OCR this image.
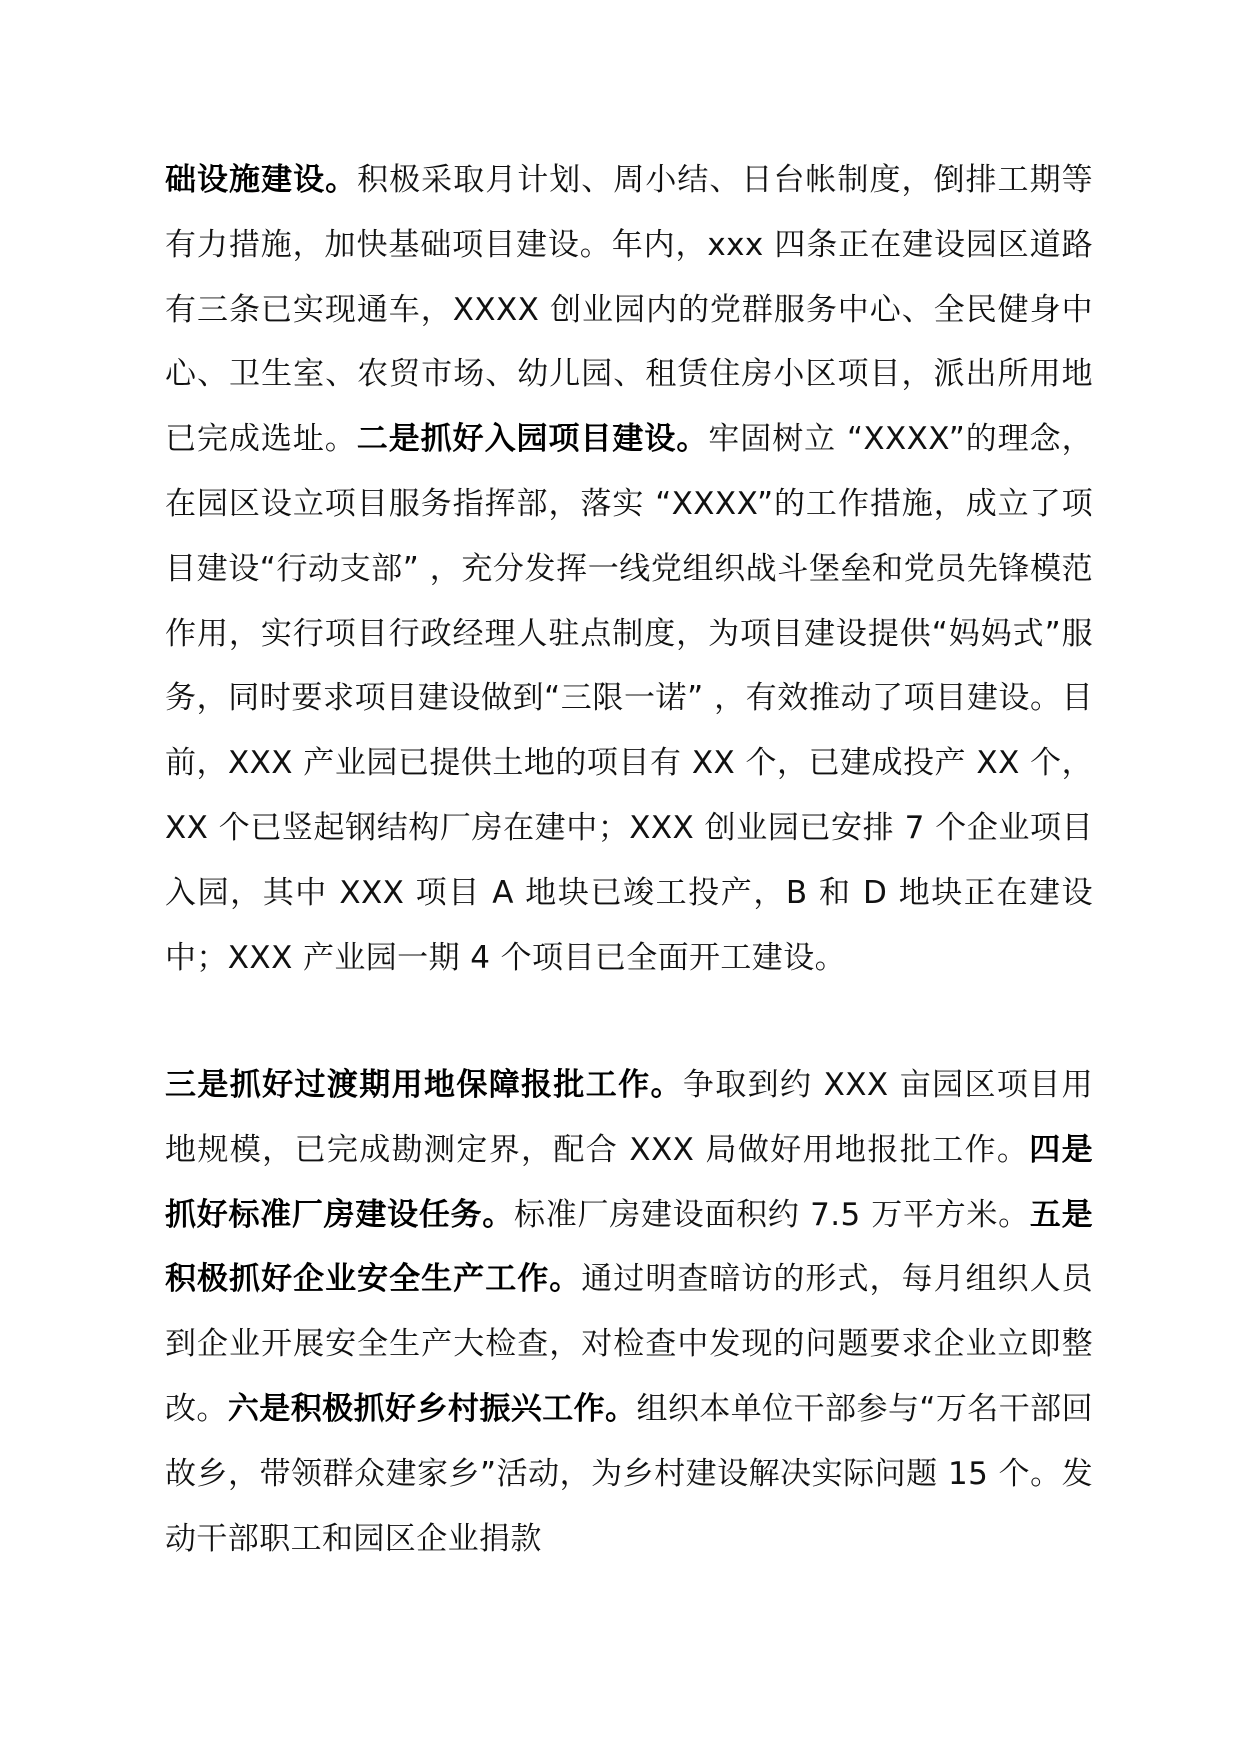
础设施建设。积极采取月计划、周小结、日台帐制度，倒排工期等有力措施，加快基础项目建设。年内，xxx 四条正在建设园区道路有三条已实现通车，XXXX 创业园内的党群服务中心、全民健身中心、卫生室、农贸市场、幼儿园、租赁住房小区项目，派出所用地已完成选址。二是抓好入园项目建设。牢固树立 “XXXX”的理念，在园区设立项目服务指挥部，落实 “XXXX”的工作措施，成立了项目建设“行动支部” ，充分发挥一线党组织战斗堡垒和党员先锋模范作用，实行项目行政经理人驻点制度，为项目建设提供“妈妈式”服务，同时要求项目建设做到“三限一诺” ，有效推动了项目建设。目前，XXX 产业园已提供土地的项目有 XX 个，已建成投产 XX 个，XX 个已竖起钢结构厂房在建中；XXX 创业园已安排 7 个企业项目入园，其中 XXX 项目 A 地块已竣工投产，B 和 D 地块正在建设中；XXX 产业园一期 4 个项目已全面开工建设。

三是抓好过渡期用地保障报批工作。争取到约 XXX 亩园区项目用地规模，已完成勘测定界，配合 XXX 局做好用地报批工作。四是抓好标准厂房建设任务。标准厂房建设面积约 7.5 万平方米。五是积极抓好企业安全生产工作。通过明查暗访的形式，每月组织人员到企业开展安全生产大检查，对检查中发现的问题要求企业立即整改。六是积极抓好乡村振兴工作。组织本单位干部参与“万名干部回故乡，带领群众建家乡”活动，为乡村建设解决实际问题 15 个。发动干部职工和园区企业捐款
